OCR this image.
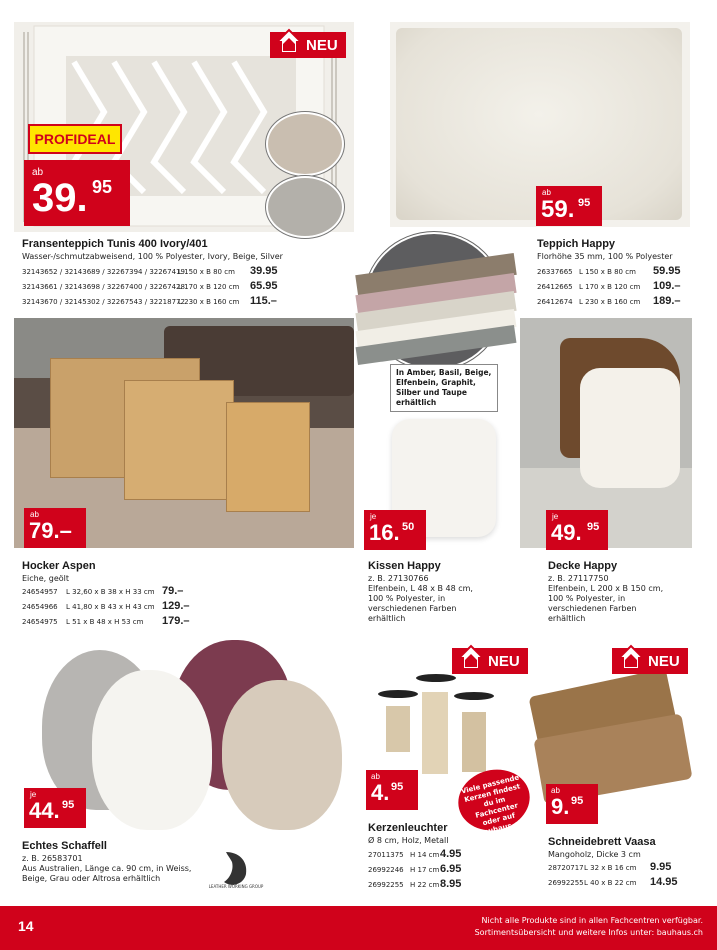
NEU
PROFIDEAL
ab
39. 95
Fransenteppich Tunis 400 Ivory/401
Wasser-/schmutzabweisend, 100 % Polyester, Ivory, Beige, Silver
32143652 / 32143689 / 32267394 / 32267419
L 150 x B 80 cm 39.95
32143661 / 32143698 / 32267400 / 32267428
L 170 x B 120 cm 65.95
32143670 / 32145302 / 32267543 / 32218772
L 230 x B 160 cm 115.–
ab
59. 95
Teppich Happy
Florhöhe 35 mm, 100 % Polyester
26337665 L 150 x B 80 cm 59.95
26412665 L 170 x B 120 cm 109.–
26412674 L 230 x B 160 cm 189.–
In Amber, Basil, Beige, Elfenbein, Graphit, Silber und Taupe erhältlich
ab
79.–
Hocker Aspen
Eiche, geölt
24654957 L 32,60 x B 38 x H 33 cm 79.–
24654966 L 41,80 x B 43 x H 43 cm 129.–
24654975 L 51 x B 48 x H 53 cm 179.–
je
16. 50
Kissen Happy
z. B. 27130766
Elfenbein, L 48 x B 48 cm, 100 % Polyester, in verschiedenen Farben erhältlich
je
49. 95
Decke Happy
z. B. 27117750
Elfenbein, L 200 x B 150 cm, 100 % Polyester, in verschiedenen Farben erhältlich
je
44. 95
Echtes Schaffell
z. B. 26583701
Aus Australien, Länge ca. 90 cm, in Weiss, Beige, Grau oder Altrosa erhältlich
LEATHER WORKING GROUP
NEU
ab
4. 95	Viele passende Kerzen findest du im Fachcenter oder auf bauhaus.ch
Kerzenleuchter
Ø 8 cm, Holz, Metall
27011375 H 14 cm 4.95
26992246 H 17 cm 6.95
26992255 H 22 cm 8.95
NEU
ab
9. 95
Schneidebrett Vaasa
Mangoholz, Dicke 3 cm
28720717 L 32 x B 16 cm 9.95
26992255 L 40 x B 22 cm 14.95
14	Nicht alle Produkte sind in allen Fachcentren verfügbar.
Sortimentsübersicht und weitere Infos unter: bauhaus.ch
